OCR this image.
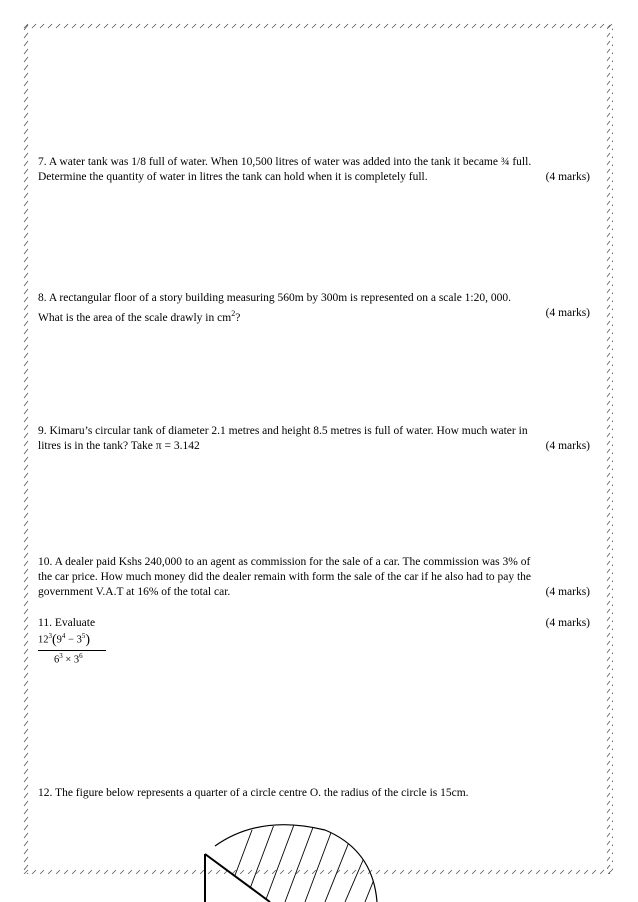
7. A water tank was 1/8 full of water. When 10,500 litres of water was added into the tank it became ¾ full.
Determine the quantity of water in litres the tank can hold when it is completely full.	(4 marks)
8. A rectangular floor of a story building measuring 560m by 300m is represented on a scale 1:20, 000.
What is the area of the scale drawly in $cm^2$?	(4 marks)
9. Kimaru’s circular tank of diameter 2.1 metres and height 8.5 metres is full of water. How much water in
litres is in the tank? Take π = 3.142	(4 marks)
10. A dealer paid Kshs 240,000 to an agent as commission for the sale of a car. The commission was 3% of
the car price. How much money did the dealer remain with form the sale of the car if he also had to pay the
government V.A.T at 16% of the total car.	(4 marks)
11. Evaluate	(4 marks)
$12^3(9^4 - 3^5)$
$6^3 \times 3^6$
12. The figure below represents a quarter of a circle centre O. the radius of the circle is 15cm.
